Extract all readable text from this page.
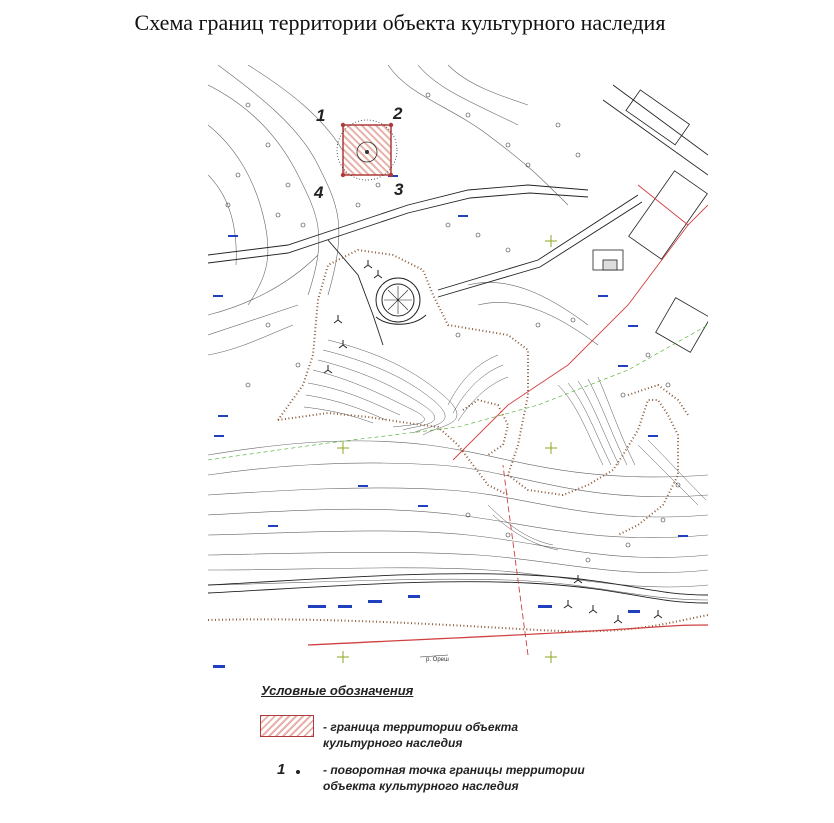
Схема границ территории объекта культурного наследия
1	2
3
4
р. Ореш
Условные обозначения
- граница территории объекта
культурного наследия
1	- поворотная точка границы территории
объекта культурного наследия
